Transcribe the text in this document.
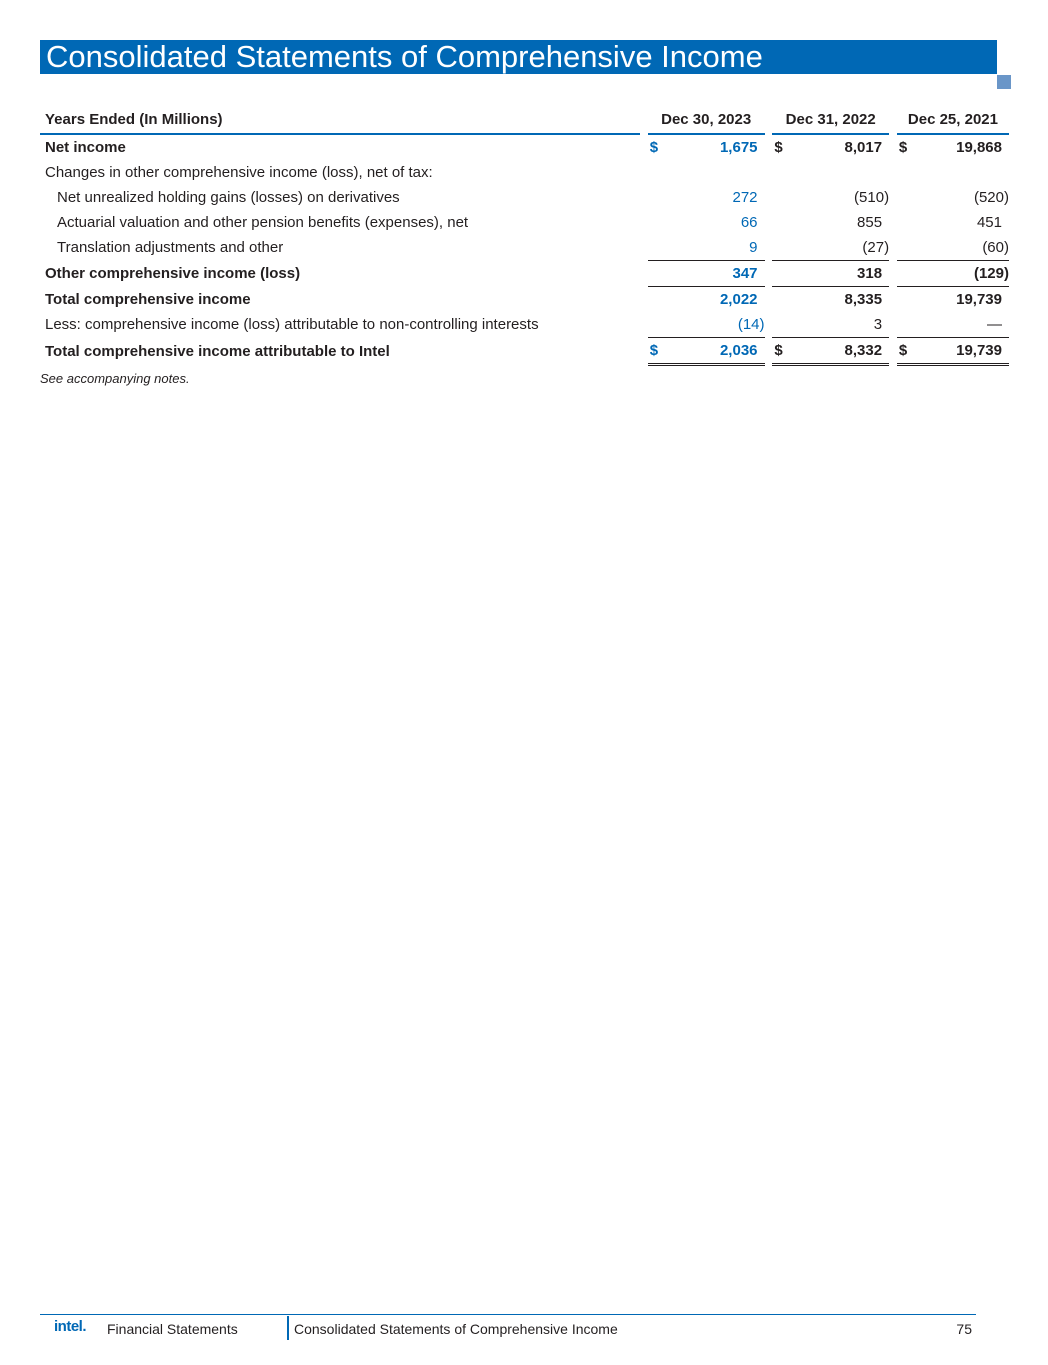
Consolidated Statements of Comprehensive Income
Years Ended (In Millions)		Dec 30, 2023			Dec 31, 2022			Dec 25, 2021	
Net income		$	1,675		$	8,017		$	19,868
Changes in other comprehensive income (loss), net of tax:									
Net unrealized holding gains (losses) on derivatives			272			(510)			(520)
Actuarial valuation and other pension benefits (expenses), net			66			855			451
Translation adjustments and other			9			(27)			(60)
Other comprehensive income (loss)			347			318			(129)
Total comprehensive income			2,022			8,335			19,739
Less: comprehensive income (loss) attributable to non-controlling interests			(14)			3			—
Total comprehensive income attributable to Intel		$	2,036		$	8,332		$	19,739
See accompanying notes.
intel. Financial Statements	Consolidated Statements of Comprehensive Income	75
